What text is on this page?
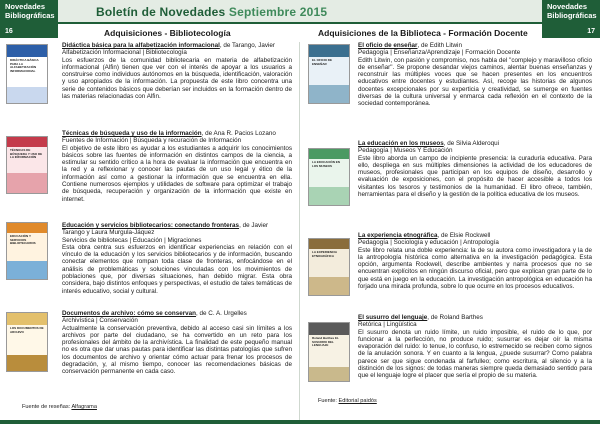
Novedades Bibliográficas
16
Novedades Bibliográficas
17
Boletín de Novedades Septiembre 2015
Adquisiciones - Bibliotecología	Adquisiciones de la Biblioteca - Formación Docente
DIDÁCTICA BÁSICA PARA LA ALFABETIZACIÓN INFORMACIONAL
TÉCNICAS DE BÚSQUEDA Y USO DE LA INFORMACIÓN
EDUCACIÓN Y SERVICIOS BIBLIOTECARIOS
LOS DOCUMENTOS DE ARCHIVO
Didáctica básica para la alfabetización informacional, de Tarango, Javier
Alfabetización Informacional | Bibliotecología
Los esfuerzos de la comunidad bibliotecaria en materia de alfabetización informacional (Alfin) tienen que ver con el interés de apoyar a los usuarios a construirse como individuos autónomos en la búsqueda, identificación, valoración y uso apropiados de la información. La propuesta de este libro concentra una serie de contenidos básicos que deberían ser incluidos en la formación dentro de las materias relacionadas con Alfin.
Técnicas de búsqueda y uso de la información, de Ana R. Pacios Lozano
Fuentes de Información | Búsqueda y recuración de Información
El objetivo de este libro es ayudar a los estudiantes a adquirir los conocimientos básicos sobre las fuentes de información en distintos campos de la ciencia, a estimular su sentido crítico a la hora de evaluar la información que encuentra en la red y a reflexionar y conocer las pautas de un uso legal y ético de la información así como a gestionar la información que se encuentra en ella. Contiene numerosos ejemplos y utilidades de software para optimizar el trabajo de búsqueda, recuperación y organización de la información que existe en internet.
Educación y servicios bibliotecarios: conectando fronteras, de Javier Tarango y Laura Murgula-Jáquez
Servicios de bibliotecas | Educación | Migraciones
Esta obra centra sus esfuerzos en identificar experiencias en relación con el vínculo de la educación y los servicios bibliotecarios y de información, buscando conectar elementos que rompan toda clase de fronteras, enfocándose en el análisis de problemáticas y soluciones vinculadas con los movimientos de poblaciones que, por diversas situaciones, han debido migrar. Esta obra considera, bajo distintos enfoques y perspectivas, el estudio de tales temáticas de interés educativo, social y cultural.
Documentos de archivo: cómo se conservan, de C. A. Urgelles
Archivística | Conservación
Actualmente la conservación preventiva, debido al acceso casi sin límites a los archivos por parte del ciudadano, se ha convertido en un reto para los profesionales del ámbito de la archivística. La finalidad de este pequeño manual no es otra que dar unas pautas para identificar las distintas patologías que sufren los documentos de archivo y orientar cómo actuar para frenar los procesos de degradación, y, al mismo tiempo, conocer las recomendaciones básicas de conservación permanente en cada caso.
Fuente de reseñas: Alfagrama
EL OFICIO DE ENSEÑAR
LA EDUCACIÓN EN LOS MUSEOS
LA EXPERIENCIA ETNOGRÁFICA
Roland Barthes EL SUSURRO DEL LENGUAJE
El oficio de enseñar, de Edith Litwin
Pedagogía | Enseñanza/Aprendizaje | Formación Docente
Edith Litwin, con pasión y compromiso, nos habla del "complejo y maravilloso oficio de enseñar". Se propone desandar viejos caminos, alentar buenas enseñanzas y reconstruir las múltiples voces que se hacen presentes en los encuentros educativos entre docentes y estudiantes. Así, recoge las historias de algunos docentes excepcionales por su experticia y creatividad, se sumerge en fuentes diversas de la cultura universal y enmarca cada reflexión en el contexto de la sociedad contemporánea.
La educación en los museos, de Silvia Alderoqui
Pedagogía | Museos Y Educación
Este libro aborda un campo de incipiente presencia: la curaduría educativa. Para ello, despliega en sus múltiples dimensiones la actividad de los educadores de museos, profesionales que participan en los equipos de diseño, desarrollo y evaluación de exposiciones, con el propósito de hacer accesible a todos los visitantes los tesoros y testimonios de la humanidad. El libro ofrece, también, herramientas para el diseño y la gestión de la política educativa de los museos.
La experiencia etnográfica, de Elsie Rockwell
Pedagogía | Sociología y educación | Antropología
Este libro relata una doble experiencia: la de su autora como investigadora y la de la antropología histórica como alternativa en la investigación pedagógica. Esta opción, argumenta Rockwell, describe ambientes y narra procesos que no se encuentran explícitos en ningún discurso oficial, pero que explican gran parte de lo que está en juego en la educación. La investigación antropológica en educación ha forjado una mirada profunda, sobre lo que ocurre en los procesos educativos.
El susurro del lenguaje, de Roland Barthes
Retórica | Lingüística
El susurro denota un ruido límite, un ruido imposible, el ruido de lo que, por funcionar a la perfección, no produce ruido; susurrar es dejar oír la misma evaporación del ruido: lo tenue, lo confuso, lo estremecido se reciben como signos de la anulación sonora. Y en cuanto a la lengua, ¿puede susurrar? Como palabra parece ser que sigue condenada al farfulleo; como escritura, al silencio y a la distinción de los signos: de todas maneras siempre queda demasiado sentido para que el lenguaje logre el placer que sería el propio de su materia.
Fuente: Editorial paidós
